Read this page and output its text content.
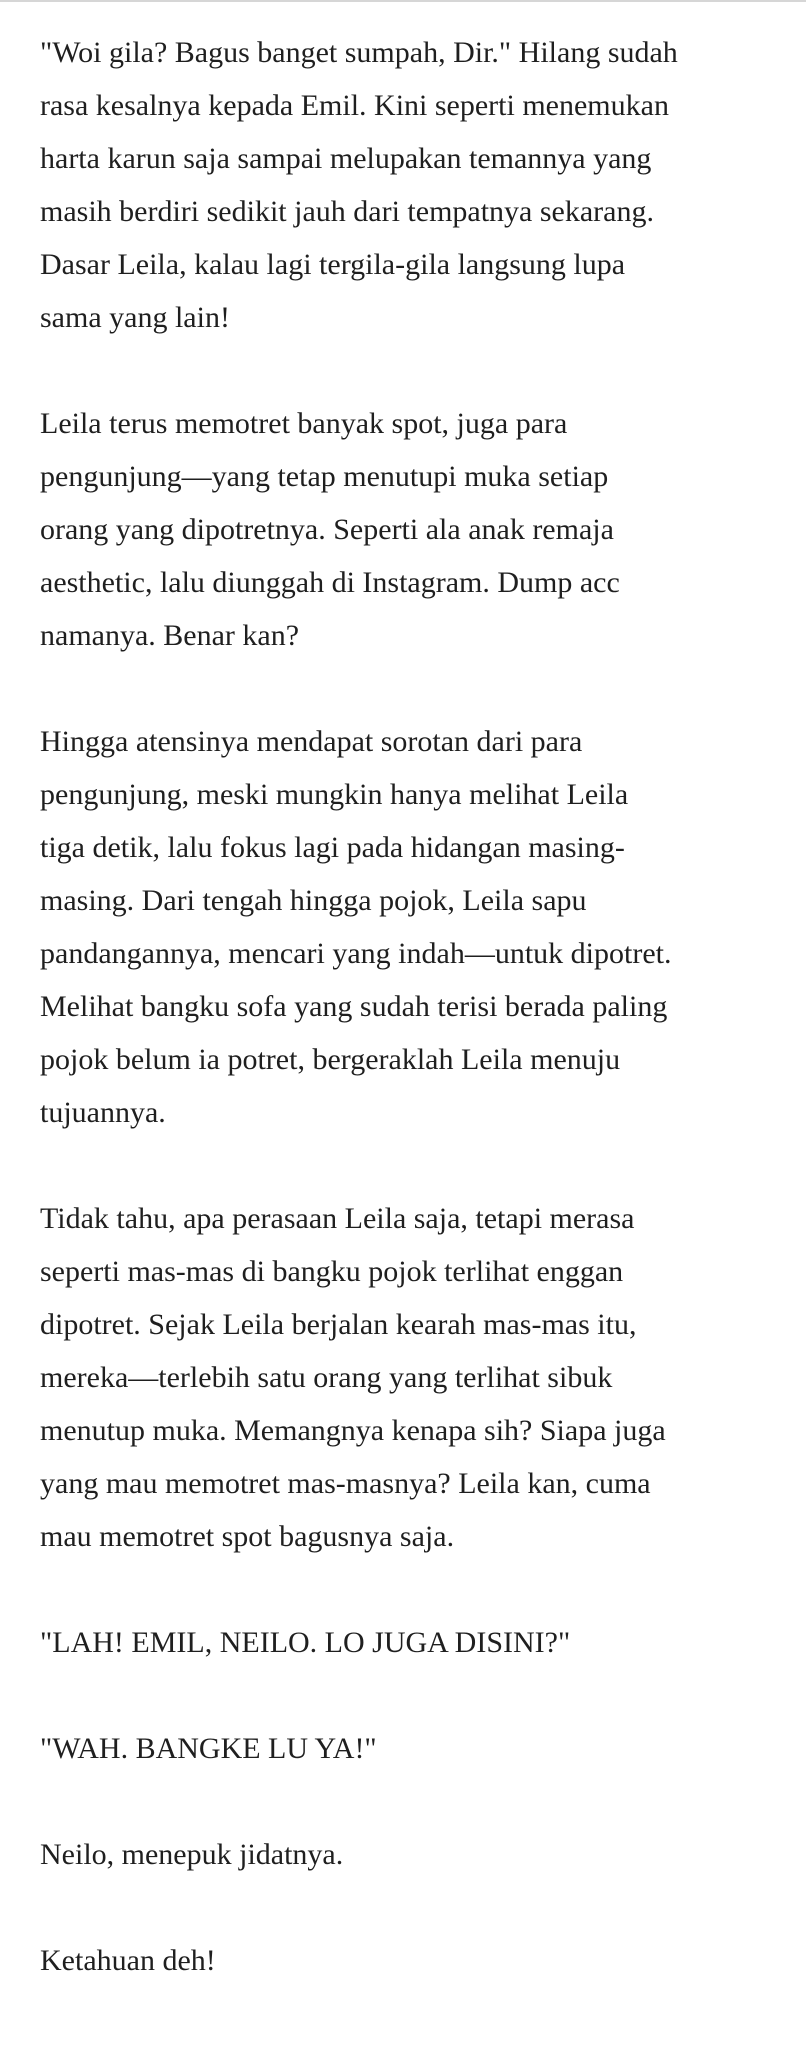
"Woi gila? Bagus banget sumpah, Dir." Hilang sudah
rasa kesalnya kepada Emil. Kini seperti menemukan
harta karun saja sampai melupakan temannya yang
masih berdiri sedikit jauh dari tempatnya sekarang.
Dasar Leila, kalau lagi tergila-gila langsung lupa
sama yang lain!

Leila terus memotret banyak spot, juga para
pengunjung—yang tetap menutupi muka setiap
orang yang dipotretnya. Seperti ala anak remaja
aesthetic, lalu diunggah di Instagram. Dump acc
namanya. Benar kan?

Hingga atensinya mendapat sorotan dari para
pengunjung, meski mungkin hanya melihat Leila
tiga detik, lalu fokus lagi pada hidangan masing-
masing. Dari tengah hingga pojok, Leila sapu
pandangannya, mencari yang indah—untuk dipotret.
Melihat bangku sofa yang sudah terisi berada paling
pojok belum ia potret, bergeraklah Leila menuju
tujuannya.

Tidak tahu, apa perasaan Leila saja, tetapi merasa
seperti mas-mas di bangku pojok terlihat enggan
dipotret. Sejak Leila berjalan kearah mas-mas itu,
mereka—terlebih satu orang yang terlihat sibuk
menutup muka. Memangnya kenapa sih? Siapa juga
yang mau memotret mas-masnya? Leila kan, cuma
mau memotret spot bagusnya saja.

"LAH! EMIL, NEILO. LO JUGA DISINI?"

"WAH. BANGKE LU YA!"

Neilo, menepuk jidatnya.

Ketahuan deh!
